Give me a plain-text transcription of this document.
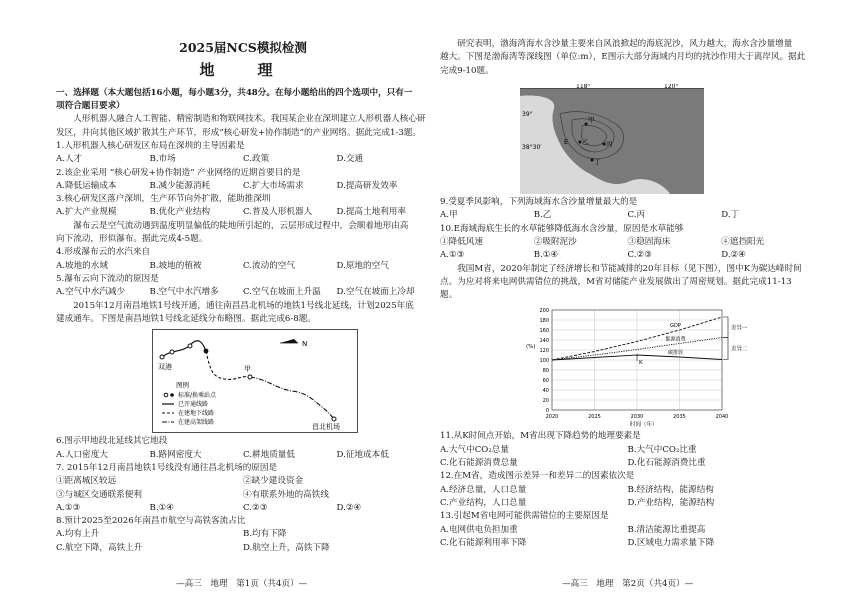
2025届NCS模拟检测
地　理
一、选择题（本大题包括16小题，每小题3分，共48分。在每小题给出的四个选项中，只有一
项符合题目要求）
人形机器人融合人工智能、精密制造和物联网技术。我国某企业在深圳建立人形机器人核心研
发区，并向其他区域扩散其生产环节，形成“核心研发+协作制造”的产业网络。据此完成1-3题。
1.人形机器人核心研发区布局在深圳的主导因素是
A.人才	B.市场	C.政策	D.交通
2.该企业采用 “核心研发+协作制造” 产业网络的近期首要目的是
A.降低运输成本	B.减少能源消耗	C.扩大市场需求	D.提高研发效率
3.核心研发区落户深圳，生产环节向外扩散，能助推深圳
A.扩大产业规模	B.优化产业结构	C.普及人形机器人	D.提高土地利用率
瀑布云是空气流动遇到温度明显偏低的陡地所引起的，云层形成过程中，会顺着地形由高
向下流动，形似瀑布。据此完成4-5题。
4.形成瀑布云的水汽来自
A.坡地的水域	B.坡地的植被	C.流动的空气	D.原地的空气
5.瀑布云向下流动的原因是
A.空气中水汽减少	B.空气中水汽增多	C.空气在坡面上升温	D.空气在坡面上冷却
2015年12月南昌地铁1号线开通，通往南昌昌北机场的地铁1号线北延线，计划2025年底
建成通车。下图是南昌地铁1号线北延线分布略图。据此完成6-8题。
双港	甲
昌北机场
N
图例
标准/换乘站点
已开通线路
在建地下线路
在建高架线路
6.图示甲地段北延线其它地段
A.人口密度大	B.路网密度大	C.耕地质量低	D.征地成本低
7. 2015年12月南昌地铁1号线没有通往昌北机场的原因是
①距离城区较远	②缺少建设资金
③与城区交通联系便利	④有联系外地的高铁线
A.①③	B.①④	C.②③	D.②④
8.预计2025至2026年南昌市航空与高铁客流占比
A.均有上升	B.均有下降
C.航空下降，高铁上升	D.航空上升，高铁下降
—高三　地理　第1页（共4页）—
研究表明，渤海湾海水含沙量主要来自风浪掀起的海底泥沙，风力越大，海水含沙量增量
越大。下图是渤海湾等深线图（单位:m），E图示大部分海域内月均的扰沙作用大于离岸风。据此
完成9-10题。
118°	120°
39°
38°30′
甲
E 乙	丙
丁
9.受夏季风影响，下列海域海水含沙量增量最大的是
A.甲	B.乙	C.丙	D.丁
10.E海域海底生长的水草能够降低海水含沙量，原因是水草能够
①降低风速	②吸附泥沙	③稳固海床	④遮挡阳光
A.①③	B.①④	C.②③	D.②④
我国M省，2020年制定了经济增长和节能减排的20年目标（见下图），图中K为碳达峰时间
点。为应对将来电网供需错位的挑战，M省对储能产业发展做出了周密规划。据此完成11-13
题。
(%)
时间（年）
0
20
40
60
80
100
120
140
160
180
200
2020	2025	2030	2035	2040
GDP
能源消费
碳排放
K
差异一
差异二
11.从K时间点开始，M省出现下降趋势的地理要素是
A.大气中CO₂总量	B.大气中CO₂比重
C.化石能源消费总量	D.化石能源消费比重
12.在M省，造成图示差异一和差异二的因素依次是
A.经济总量，人口总量	B.经济结构，能源结构
C.产业结构，人口总量	D.产业结构，能源结构
13.引起M省电网可能供需错位的主要原因是
A.电网供电负担加重	B.清洁能源比重提高
C.化石能源利用率下降	D.区域电力需求量下降
—高三　地理　第2页（共4页）—
